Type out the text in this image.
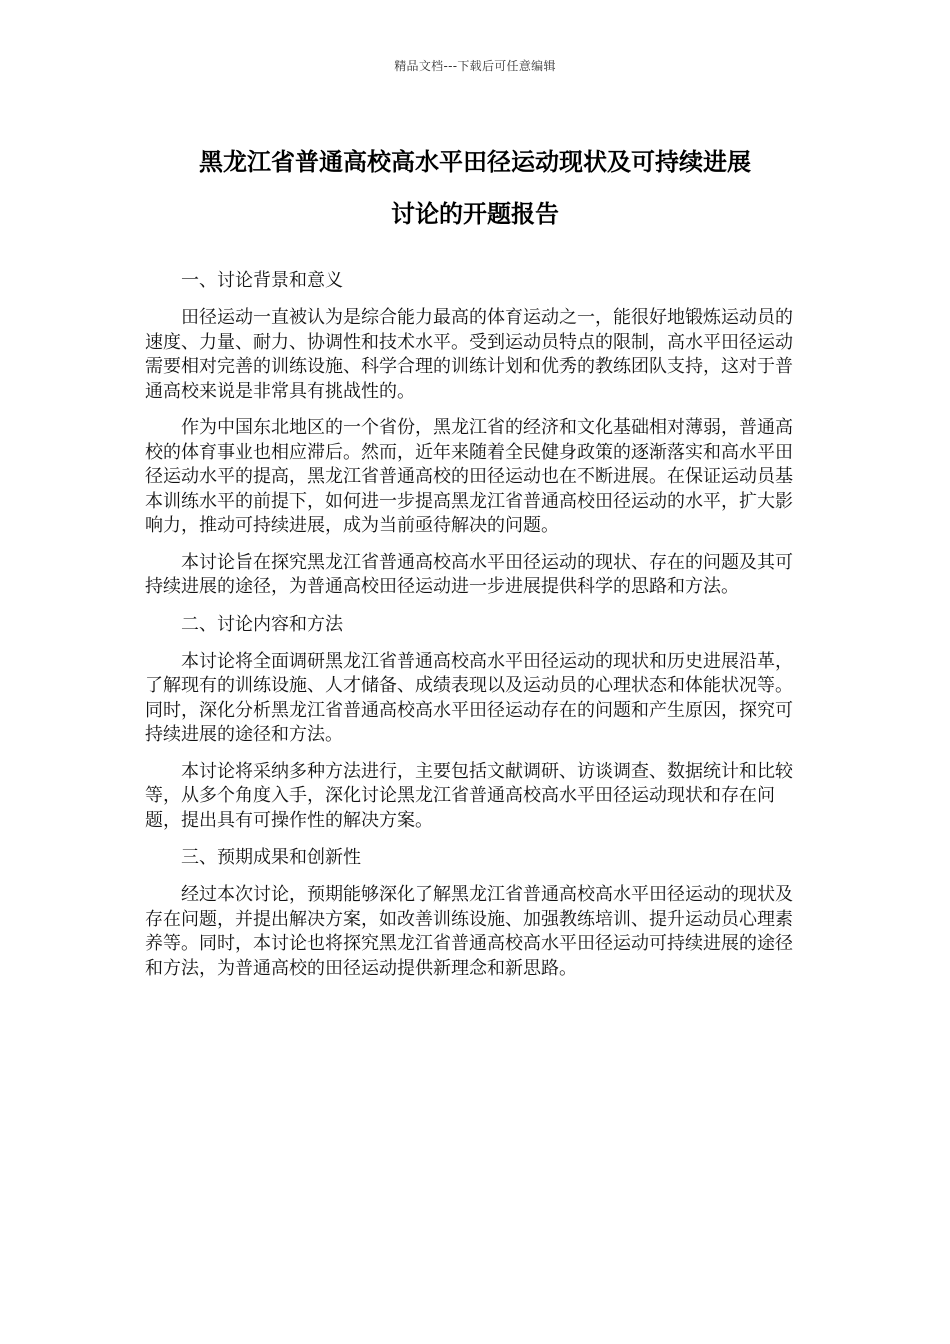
精品文档---下载后可任意编辑
黑龙江省普通高校高水平田径运动现状及可持续进展
讨论的开题报告
一、讨论背景和意义

田径运动一直被认为是综合能力最高的体育运动之一，能很好地锻炼运动员的速度、力量、耐力、协调性和技术水平。受到运动员特点的限制，高水平田径运动需要相对完善的训练设施、科学合理的训练计划和优秀的教练团队支持，这对于普通高校来说是非常具有挑战性的。

作为中国东北地区的一个省份，黑龙江省的经济和文化基础相对薄弱，普通高校的体育事业也相应滞后。然而，近年来随着全民健身政策的逐渐落实和高水平田径运动水平的提高，黑龙江省普通高校的田径运动也在不断进展。在保证运动员基本训练水平的前提下，如何进一步提高黑龙江省普通高校田径运动的水平，扩大影响力，推动可持续进展，成为当前亟待解决的问题。

本讨论旨在探究黑龙江省普通高校高水平田径运动的现状、存在的问题及其可持续进展的途径，为普通高校田径运动进一步进展提供科学的思路和方法。

二、讨论内容和方法

本讨论将全面调研黑龙江省普通高校高水平田径运动的现状和历史进展沿革，了解现有的训练设施、人才储备、成绩表现以及运动员的心理状态和体能状况等。同时，深化分析黑龙江省普通高校高水平田径运动存在的问题和产生原因，探究可持续进展的途径和方法。

本讨论将采纳多种方法进行，主要包括文献调研、访谈调查、数据统计和比较等，从多个角度入手，深化讨论黑龙江省普通高校高水平田径运动现状和存在问题，提出具有可操作性的解决方案。

三、预期成果和创新性

经过本次讨论，预期能够深化了解黑龙江省普通高校高水平田径运动的现状及存在问题，并提出解决方案，如改善训练设施、加强教练培训、提升运动员心理素养等。同时，本讨论也将探究黑龙江省普通高校高水平田径运动可持续进展的途径和方法，为普通高校的田径运动提供新理念和新思路。
